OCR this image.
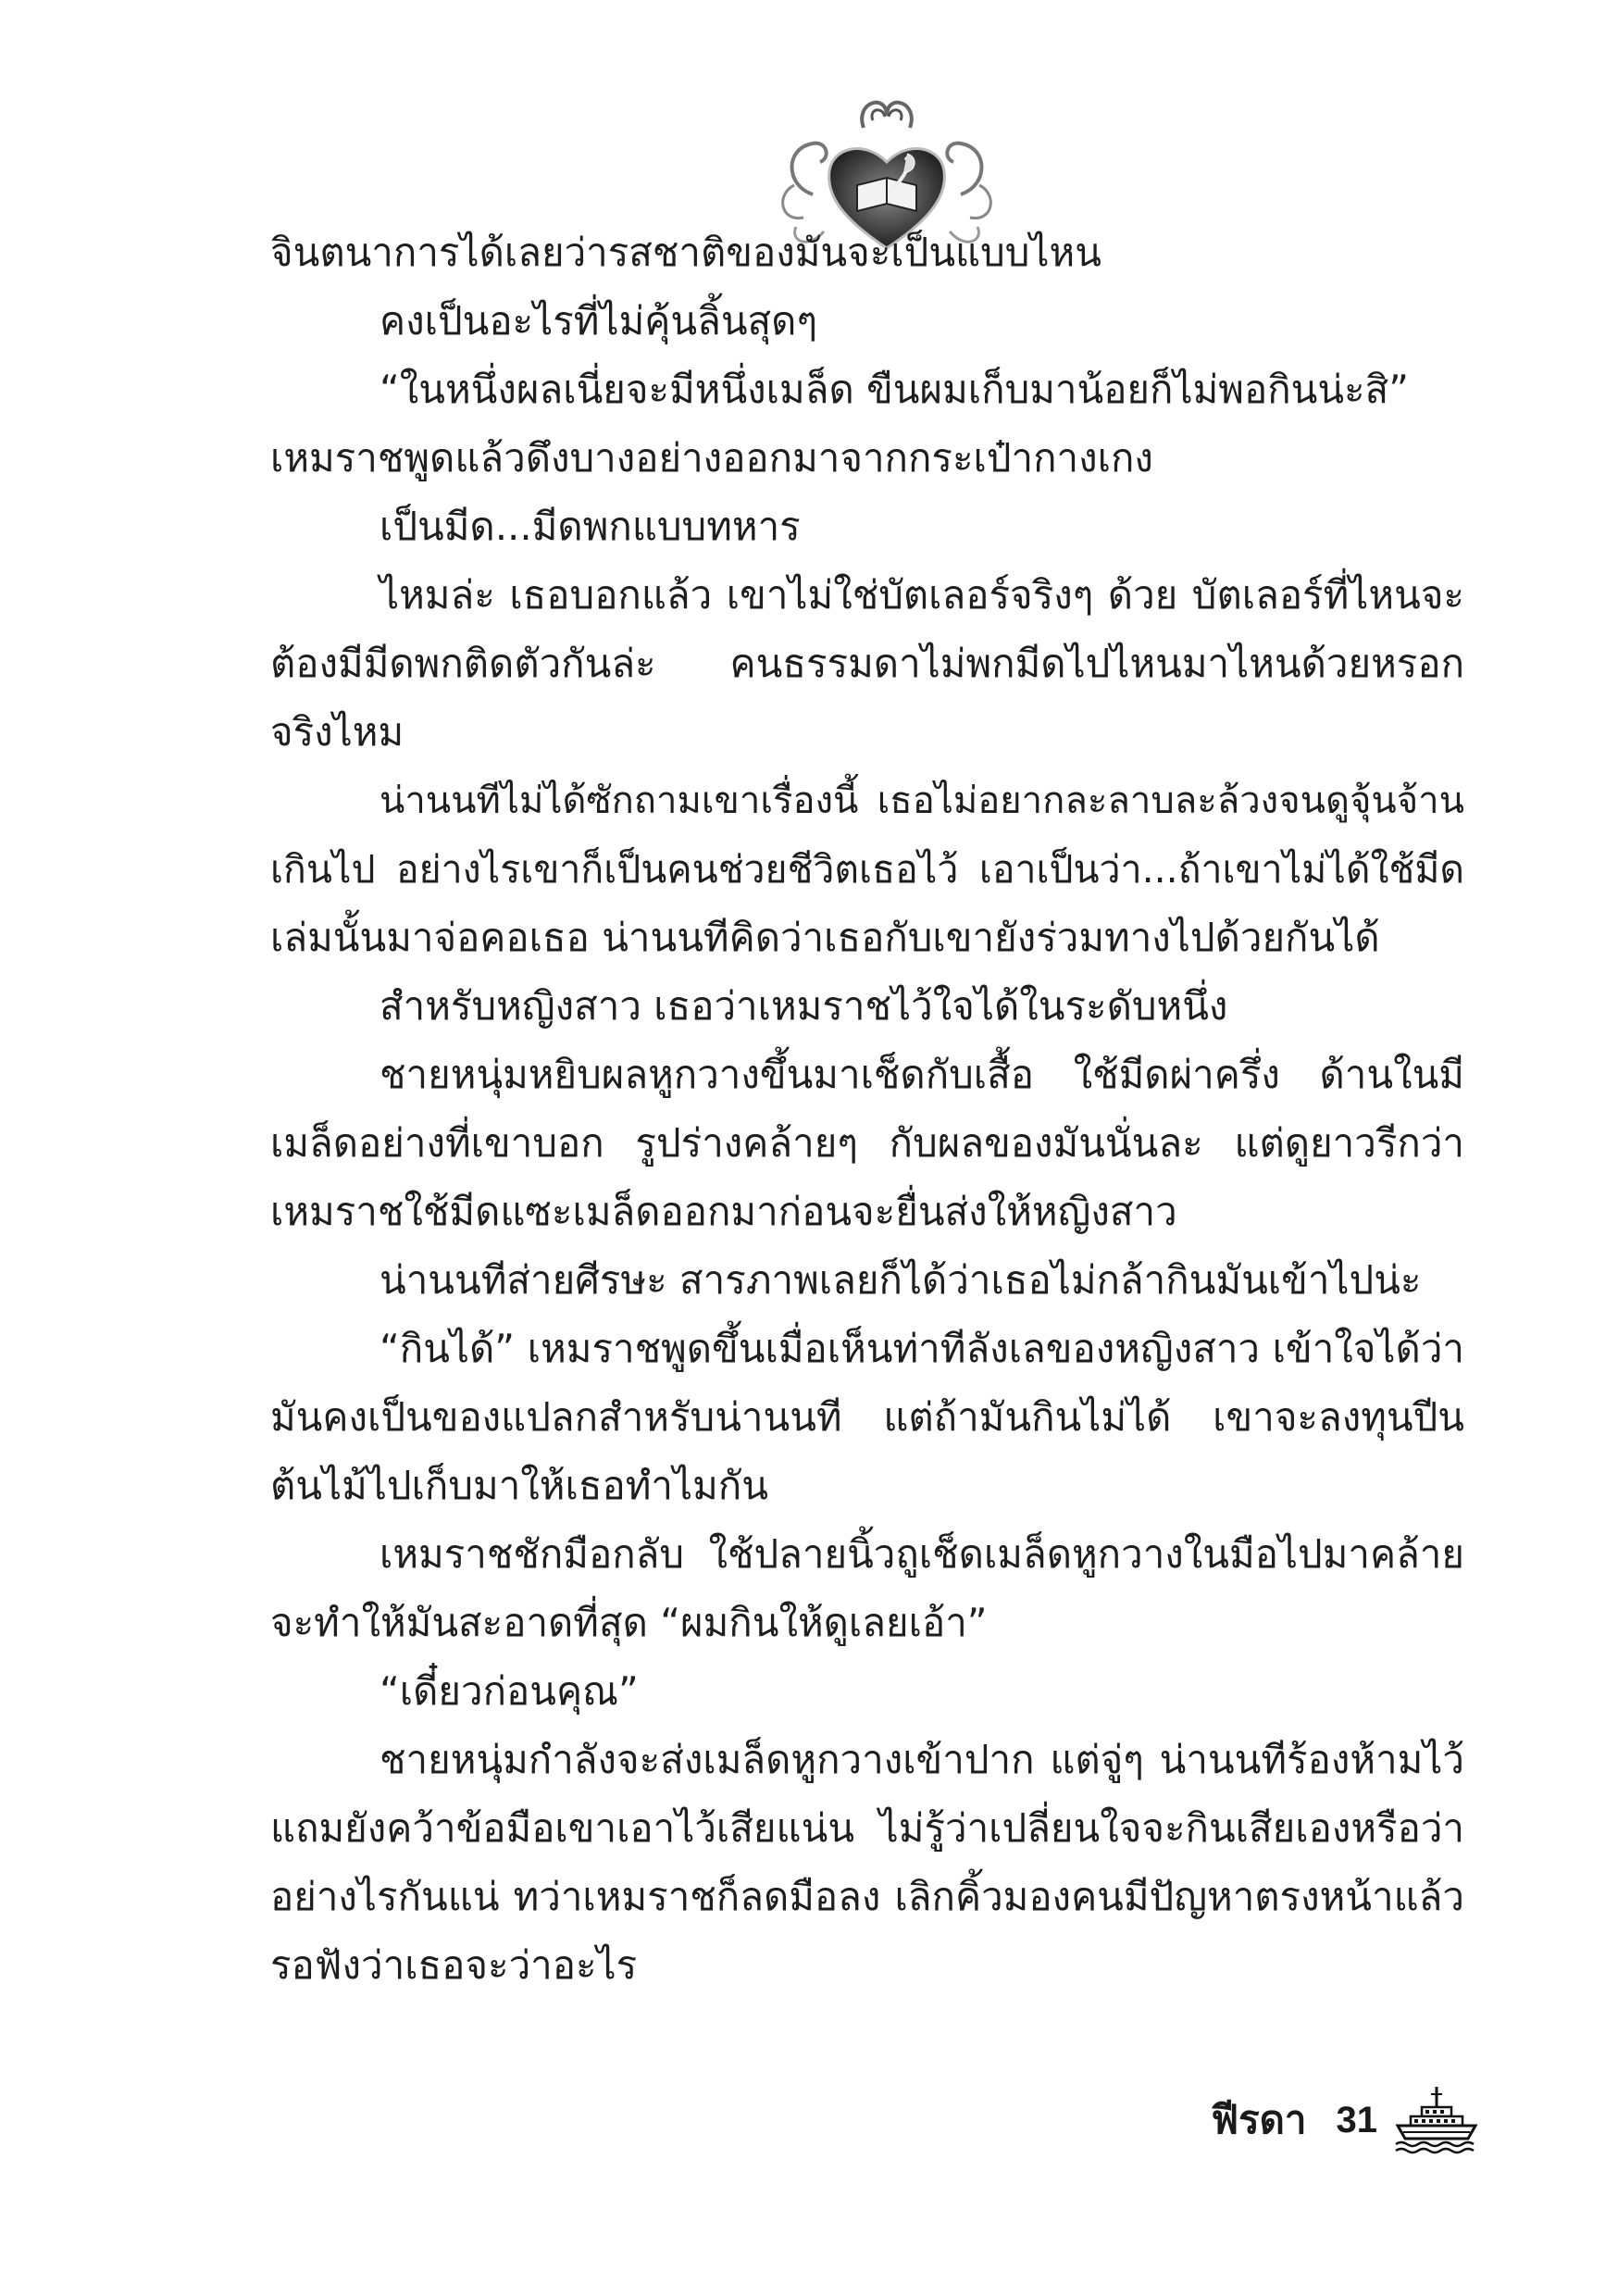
จินตนาการได้เลยว่ารสชาติของมันจะเป็นแบบไหน
คงเป็นอะไรที่ไม่คุ้นลิ้นสุดๆ
“ในหนึ่งผลเนี่ยจะมีหนึ่งเมล็ด ขืนผมเก็บมาน้อยก็ไม่พอกินน่ะสิ”
เหมราชพูดแล้วดึงบางอย่างออกมาจากกระเป๋ากางเกง
เป็นมีด...มีดพกแบบทหาร
ไหมล่ะ เธอบอกแล้ว เขาไม่ใช่บัตเลอร์จริงๆ ด้วย บัตเลอร์ที่ไหนจะ
ต้องมีมีดพกติดตัวกันล่ะ คนธรรมดาไม่พกมีดไปไหนมาไหนด้วยหรอก
จริงไหม
น่านนทีไม่ได้ซักถามเขาเรื่องนี้ เธอไม่อยากละลาบละล้วงจนดูจุ้นจ้าน
เกินไป อย่างไรเขาก็เป็นคนช่วยชีวิตเธอไว้ เอาเป็นว่า...ถ้าเขาไม่ได้ใช้มีด
เล่มนั้นมาจ่อคอเธอ น่านนทีคิดว่าเธอกับเขายังร่วมทางไปด้วยกันได้
สำหรับหญิงสาว เธอว่าเหมราชไว้ใจได้ในระดับหนึ่ง
ชายหนุ่มหยิบผลหูกวางขึ้นมาเช็ดกับเสื้อ ใช้มีดผ่าครึ่ง ด้านในมี
เมล็ดอย่างที่เขาบอก รูปร่างคล้ายๆ กับผลของมันนั่นละ แต่ดูยาวรีกว่า
เหมราชใช้มีดแซะเมล็ดออกมาก่อนจะยื่นส่งให้หญิงสาว
น่านนทีส่ายศีรษะ สารภาพเลยก็ได้ว่าเธอไม่กล้ากินมันเข้าไปน่ะ
“กินได้” เหมราชพูดขึ้นเมื่อเห็นท่าทีลังเลของหญิงสาว เข้าใจได้ว่า
มันคงเป็นของแปลกสำหรับน่านนที แต่ถ้ามันกินไม่ได้ เขาจะลงทุนปีน
ต้นไม้ไปเก็บมาให้เธอทำไมกัน
เหมราชชักมือกลับ ใช้ปลายนิ้วถูเช็ดเมล็ดหูกวางในมือไปมาคล้าย
จะทำให้มันสะอาดที่สุด “ผมกินให้ดูเลยเอ้า”
“เดี๋ยวก่อนคุณ”
ชายหนุ่มกำลังจะส่งเมล็ดหูกวางเข้าปาก แต่จู่ๆ น่านนทีร้องห้ามไว้
แถมยังคว้าข้อมือเขาเอาไว้เสียแน่น ไม่รู้ว่าเปลี่ยนใจจะกินเสียเองหรือว่า
อย่างไรกันแน่ ทว่าเหมราชก็ลดมือลง เลิกคิ้วมองคนมีปัญหาตรงหน้าแล้ว
รอฟังว่าเธอจะว่าอะไร
ฟีรดา 31
